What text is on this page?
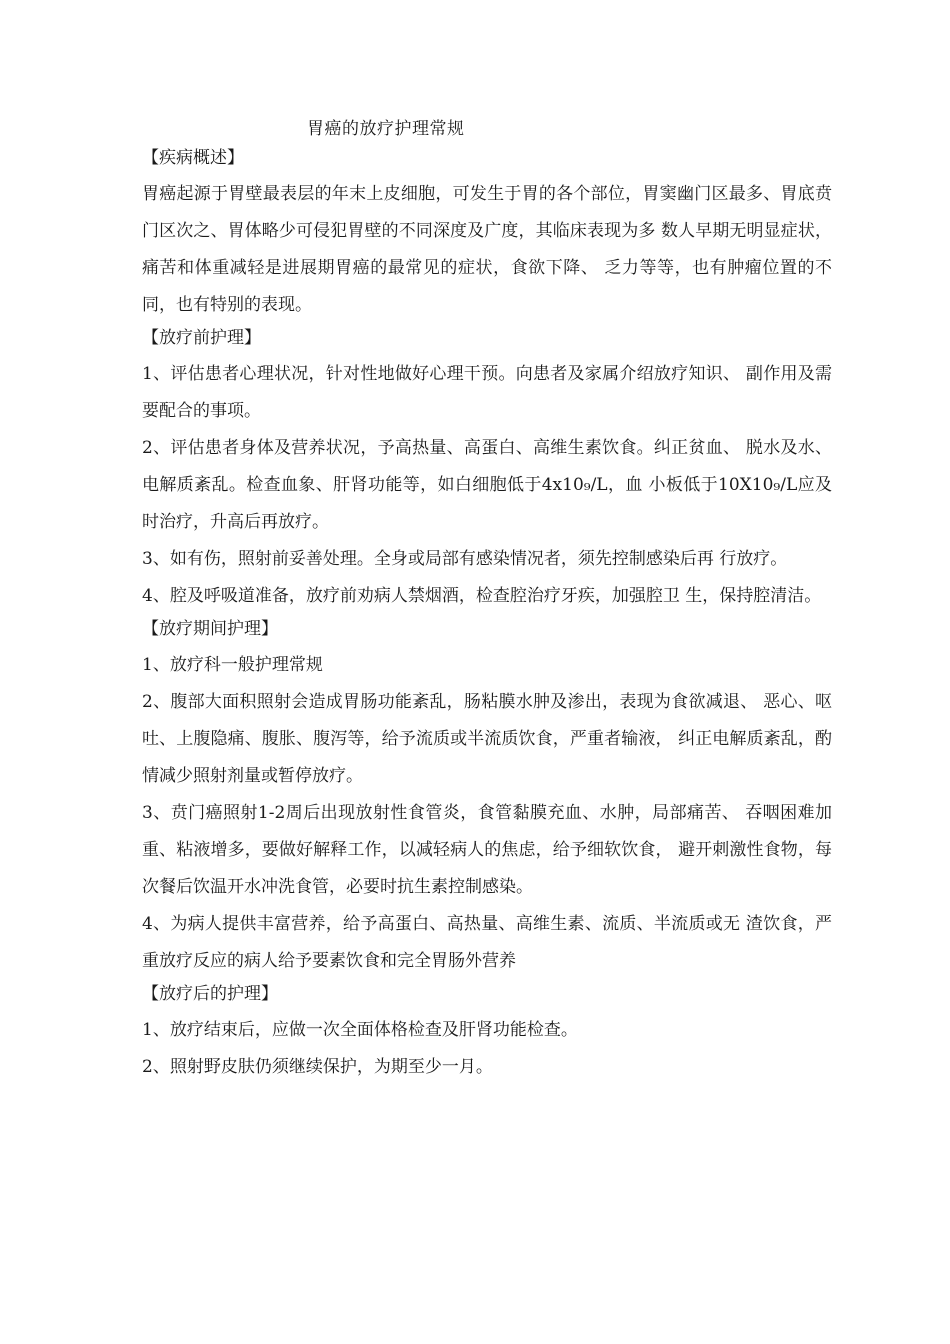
胃癌的放疗护理常规
【疾病概述】
胃癌起源于胃壁最表层的年末上皮细胞，可发生于胃的各个部位，胃窦幽门区最多、胃底贲门区次之、胃体略少可侵犯胃壁的不同深度及广度，其临床表现为多 数人早期无明显症状，痛苦和体重减轻是进展期胃癌的最常见的症状，食欲下降、 乏力等等，也有肿瘤位置的不同，也有特别的表现。
【放疗前护理】
1、评估患者心理状况，针对性地做好心理干预。向患者及家属介绍放疗知识、 副作用及需要配合的事项。
2、评估患者身体及营养状况，予高热量、高蛋白、高维生素饮食。纠正贫血、 脱水及水、电解质紊乱。检查血象、肝肾功能等，如白细胞低于4x10₉/L，血 小板低于10X10₉/L应及时治疗，升高后再放疗。
3、如有伤，照射前妥善处理。全身或局部有感染情况者，须先控制感染后再 行放疗。
4、腔及呼吸道准备，放疗前劝病人禁烟酒，检查腔治疗牙疾，加强腔卫 生，保持腔清洁。
【放疗期间护理】
1、放疗科一般护理常规
2、腹部大面积照射会造成胃肠功能紊乱，肠粘膜水肿及渗出，表现为食欲减退、 恶心、呕吐、上腹隐痛、腹胀、腹泻等，给予流质或半流质饮食，严重者输液， 纠正电解质紊乱，酌情减少照射剂量或暂停放疗。
3、贲门癌照射1-2周后出现放射性食管炎，食管黏膜充血、水肿，局部痛苦、 吞咽困难加重、粘液增多，要做好解释工作，以减轻病人的焦虑，给予细软饮食， 避开刺激性食物，每次餐后饮温开水冲洗食管，必要时抗生素控制感染。
4、为病人提供丰富营养，给予高蛋白、高热量、高维生素、流质、半流质或无 渣饮食，严重放疗反应的病人给予要素饮食和完全胃肠外营养
【放疗后的护理】
1、放疗结束后，应做一次全面体格检查及肝肾功能检查。
2、照射野皮肤仍须继续保护，为期至少一月。
